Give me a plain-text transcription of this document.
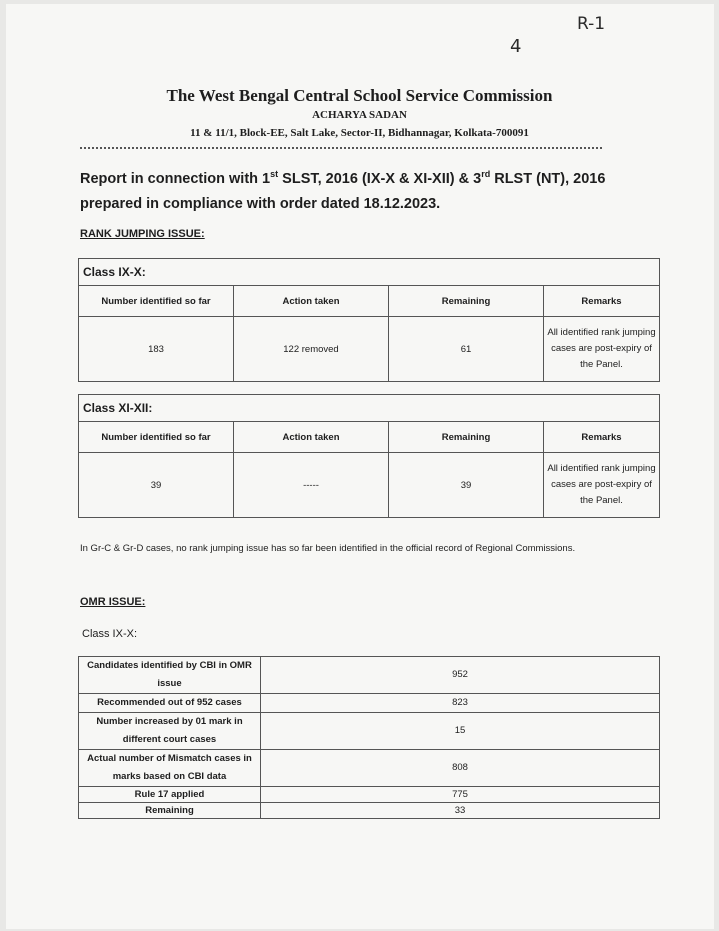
R-1
4
The West Bengal Central School Service Commission
ACHARYA SADAN
11 & 11/1, Block-EE, Salt Lake, Sector-II, Bidhannagar, Kolkata-700091
Report in connection with 1st SLST, 2016 (IX-X & XI-XII) & 3rd RLST (NT), 2016 prepared in compliance with order dated 18.12.2023.
RANK JUMPING ISSUE:
Class IX-X:			
Number identified so far	Action taken	Remaining	Remarks
183	122 removed	61	All identified rank jumping cases are post-expiry of the Panel.
Class XI-XII:			
Number identified so far	Action taken	Remaining	Remarks
39	-----	39	All identified rank jumping cases are post-expiry of the Panel.
In Gr-C & Gr-D cases, no rank jumping issue has so far been identified in the official record of Regional Commissions.
OMR ISSUE:
Class IX-X:
Candidates identified by CBI in OMR issue	952
Recommended out of 952 cases	823
Number increased by 01 mark in different court cases	15
Actual number of Mismatch cases in marks based on CBI data	808
Rule 17 applied	775
Remaining	33
